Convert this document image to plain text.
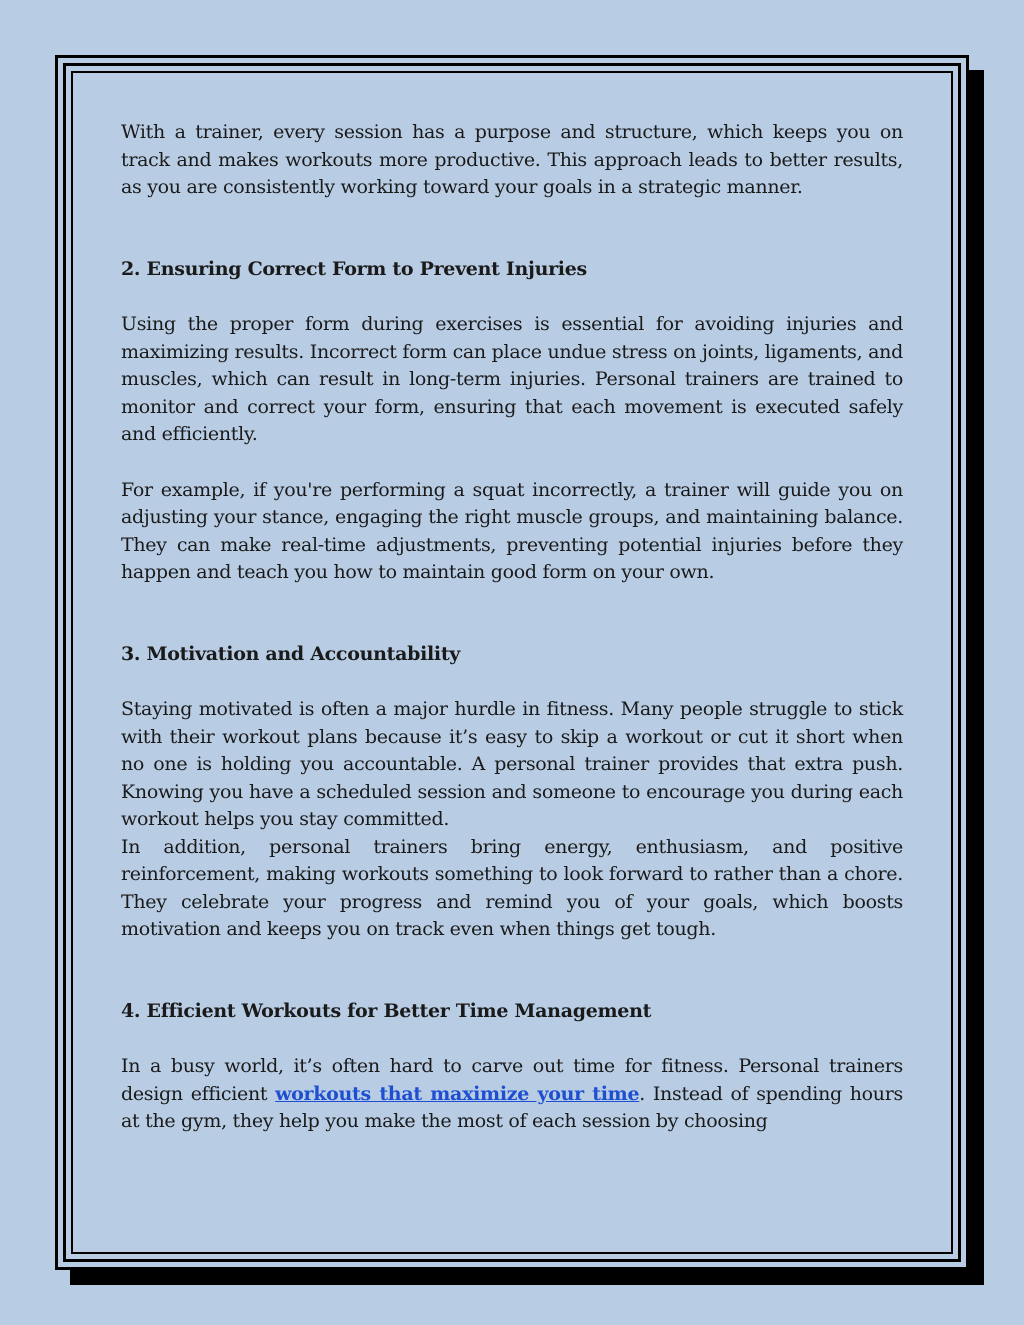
With a trainer, every session has a purpose and structure, which keeps you on track and makes workouts more productive. This approach leads to better results, as you are consistently working toward your goals in a strategic manner.

2. Ensuring Correct Form to Prevent Injuries

Using the proper form during exercises is essential for avoiding injuries and maximizing results. Incorrect form can place undue stress on joints, ligaments, and muscles, which can result in long-term injuries. Personal trainers are trained to monitor and correct your form, ensuring that each movement is executed safely and efficiently.

For example, if you're performing a squat incorrectly, a trainer will guide you on adjusting your stance, engaging the right muscle groups, and maintaining balance. They can make real-time adjustments, preventing potential injuries before they happen and teach you how to maintain good form on your own.

3. Motivation and Accountability

Staying motivated is often a major hurdle in fitness. Many people struggle to stick with their workout plans because it’s easy to skip a workout or cut it short when no one is holding you accountable. A personal trainer provides that extra push. Knowing you have a scheduled session and someone to encourage you during each workout helps you stay committed.

In addition, personal trainers bring energy, enthusiasm, and positive reinforcement, making workouts something to look forward to rather than a chore. They celebrate your progress and remind you of your goals, which boosts motivation and keeps you on track even when things get tough.

4. Efficient Workouts for Better Time Management

In a busy world, it’s often hard to carve out time for fitness. Personal trainers design efficient workouts that maximize your time. Instead of spending hours at the gym, they help you make the most of each session by choosing
